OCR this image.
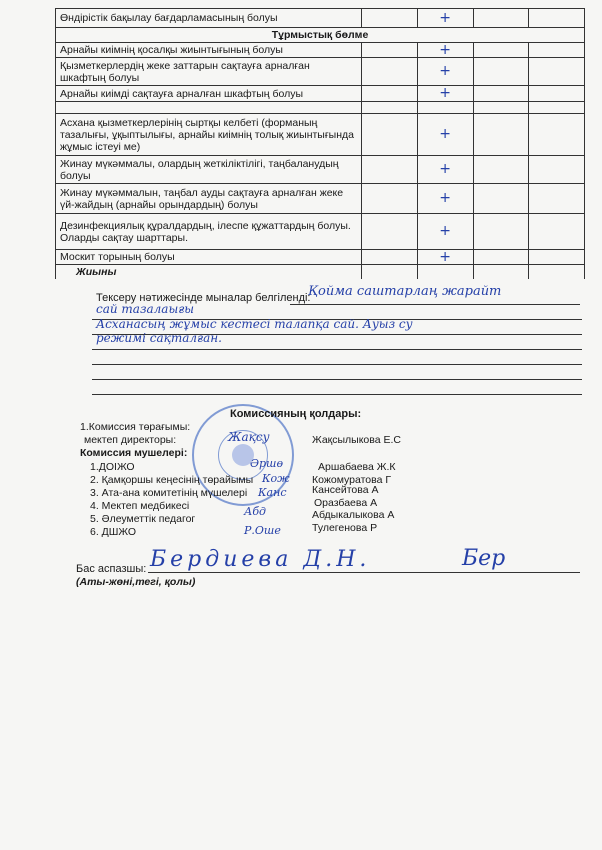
Өндірістік бақылау бағдарламасының болуы		+		
Тұрмыстық бөлме				
Арнайы киімнің қосалқы жиынтығының болуы		+		
Қызметкерлердің жеке заттарын сақтауға арналған шкафтың болуы		+		
Арнайы киімді сақтауға арналған шкафтың болуы		+		

Асхана қызметкерлерінің сыртқы келбеті (форманың тазалығы, ұқыптылығы, арнайы киімнің толық жиынтығында жұмыс істеуі ме)		+		
Жинау мүкәммалы, олардың жеткіліктілігі, таңбаланудың болуы		+		
Жинау мүкәммалын, таңбал ауды сақтауға арналған жеке үй-жайдың (арнайы орындардың) болуы		+		
Дезинфекциялық құралдардың, ілеспе құжаттардың болуы. Оларды сақтау шарттары.		+		
Москит торының болуы		+		
Жиыны				
Тексеру нәтижесінде мыналар белгіленді:
Қойма саштарлаң жарайт
сай тазалаығы
Асханасың жұмыс кестесі талапқа сай. Ауыз су
режимі сақталған.
Комиссияның қолдары:
1.Комиссия төрағымы:
мектеп директоры:	Жақсу	Жақсылыкова Е.С
Комиссия мушелері:
1.ДОІЖО	Аршабаева Ж.К
2. Қамқоршы кеңесінің төрайымы	Кожомуратова Г
3. Ата-ана комитетінің мүшелері	Кансейтова А
4. Мектеп медбикесі	Оразбаева А
5. Әлеуметтік педагог	Абдыкалыкова А
6. ДШЖО	Тулегенова Р
Әршө
Кож
Канс
Абд
Р.Оше
Бас аспазшы: Бердиева Д.Н.	Бер
(Аты-жөні,тегі, қолы)
